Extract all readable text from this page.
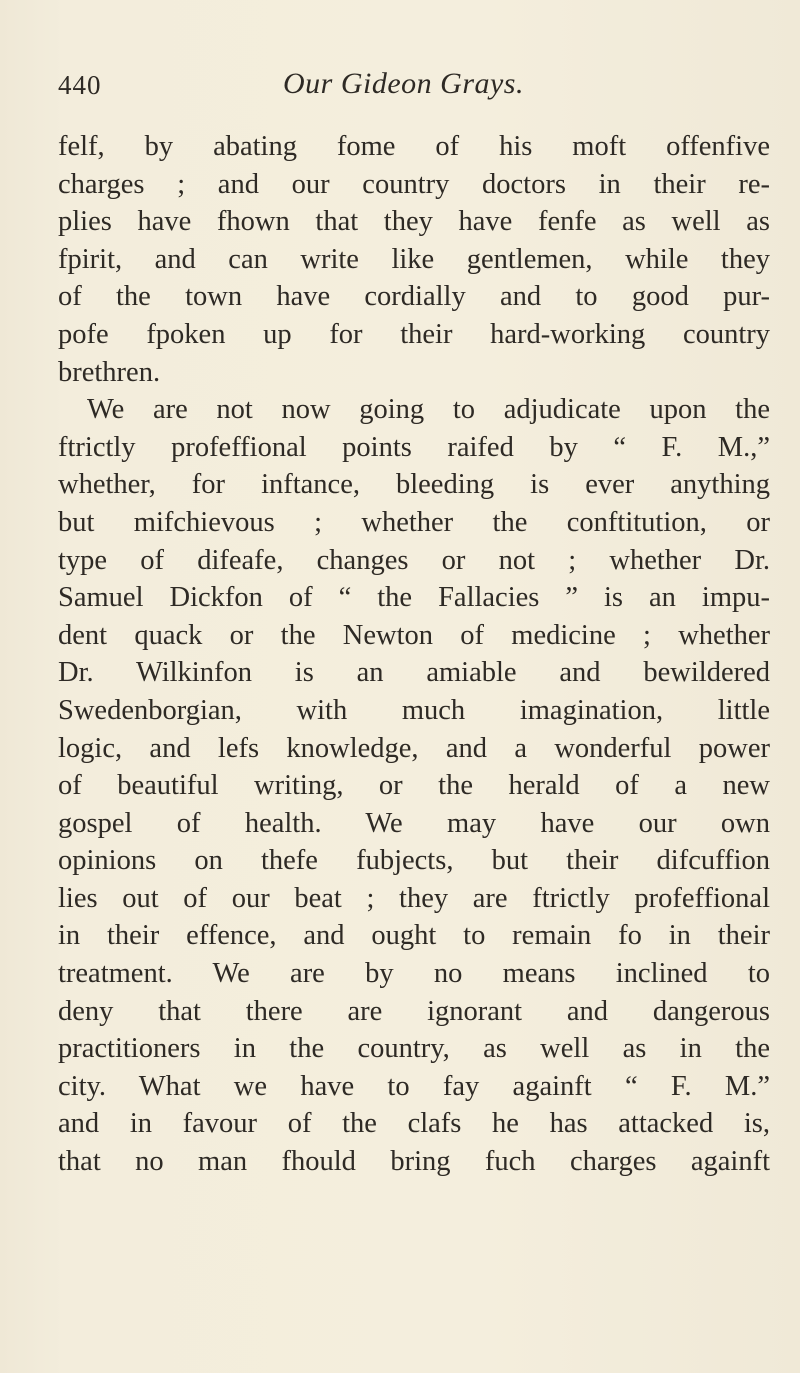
440	Our Gideon Grays.
felf, by abating fome of his moft offenfive
charges ; and our country doctors in their re-
plies have fhown that they have fenfe as well as
fpirit, and can write like gentlemen, while they
of the town have cordially and to good pur-
pofe fpoken up for their hard-working country
brethren.
We are not now going to adjudicate upon the
ftrictly profeffional points raifed by “ F. M.,”
whether, for inftance, bleeding is ever anything
but mifchievous ; whether the conftitution, or
type of difeafe, changes or not ; whether Dr.
Samuel Dickfon of “ the Fallacies ” is an impu-
dent quack or the Newton of medicine ; whether
Dr. Wilkinfon is an amiable and bewildered
Swedenborgian, with much imagination, little
logic, and lefs knowledge, and a wonderful power
of beautiful writing, or the herald of a new
gospel of health. We may have our own
opinions on thefe fubjects, but their difcuffion
lies out of our beat ; they are ftrictly profeffional
in their effence, and ought to remain fo in their
treatment. We are by no means inclined to
deny that there are ignorant and dangerous
practitioners in the country, as well as in the
city. What we have to fay againft “ F. M.”
and in favour of the clafs he has attacked is,
that no man fhould bring fuch charges againft
